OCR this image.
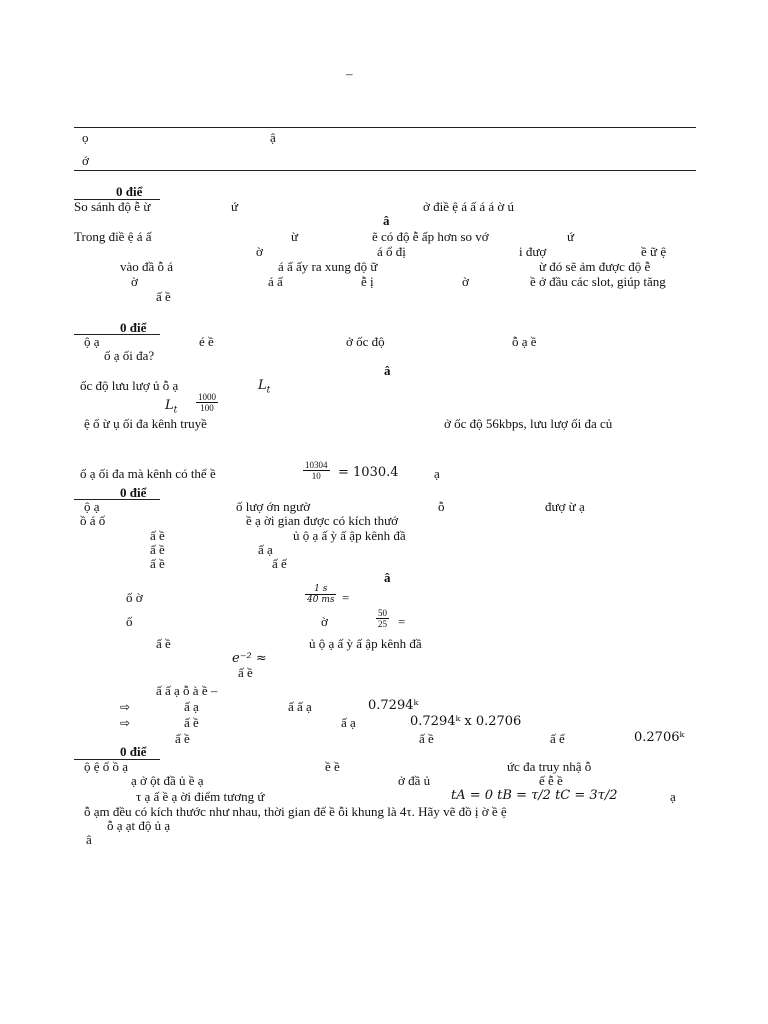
–
ọ	ậ
ớ
0 điể
So sánh độ ễ ừ	ứ	ở điề ệ á ấ á á ờ ú
â
Trong điề ệ á ấ	ừ	ẽ có độ ễ ấp hơn so vớ	ứ
ờ	á ổ đị	i đượ	ề ữ ệ
vào đầ ỗ á	á ấ ấy ra xung độ ữ	ừ đó sẽ ảm được độ ễ
ờ	á ấ	ễ ị	ờ	ề ở đầu các slot, giúp tăng
ấ ề
0 điể
ộ ạ	é ề	ở ốc độ	ỗ ạ ề
ố ạ ối đa?
â
ốc độ lưu lượ ủ ỗ ạ	$L_t$
$L_t \frac{1000}{100}$
ệ ố ừ ụ ối đa kênh truyề	ở ốc độ 56kbps, lưu lượ ối đa củ
ố ạ ối đa mà kênh có thể ề	$\frac{10304}{10} = 1030.4$	ạ
0 điể
ộ ạ	ố lượ ớn ngườ	ỗ	đượ ừ ạ
ồ á ố	ề ạ ời gian được có kích thướ
ấ ề	ủ ộ ạ ấ ỳ ấ ập kênh đầ
ấ ề	ấ ạ
ấ ề	ấ ế
â
ố ờ	$\frac{1 s}{40 ms}$ =
ố	ờ	$\frac{50}{25}$ =
ấ ề	ủ ộ ạ ấ ỳ ấ ập kênh đầ
e⁻² ≈
ấ ề
ấ ấ ạ ỗ à ề –
⇨	ấ ạ	ấ ấ ạ	0.7294ᵏ
⇨	ấ ề	ấ ạ	0.7294ᵏ x 0.2706
ấ ề	ấ ề	ấ ế	0.2706ᵏ
0 điể
ộ ệ ố ồ ạ	ề ề	ức đa truy nhậ ỗ
ạ ở ột đầ ủ ề ạ	ở đầ ủ	ế ễ ề
τ ạ ấ ề ạ ời điểm tương ứ	tA = 0 tB = τ/2 tC = 3τ/2	ạ
ỗ ạm đều có kích thước như nhau, thời gian để ề ỗi khung là 4τ. Hãy vẽ đồ ị ờ ề ệ
ỗ ạ ạt độ ủ ạ
â
